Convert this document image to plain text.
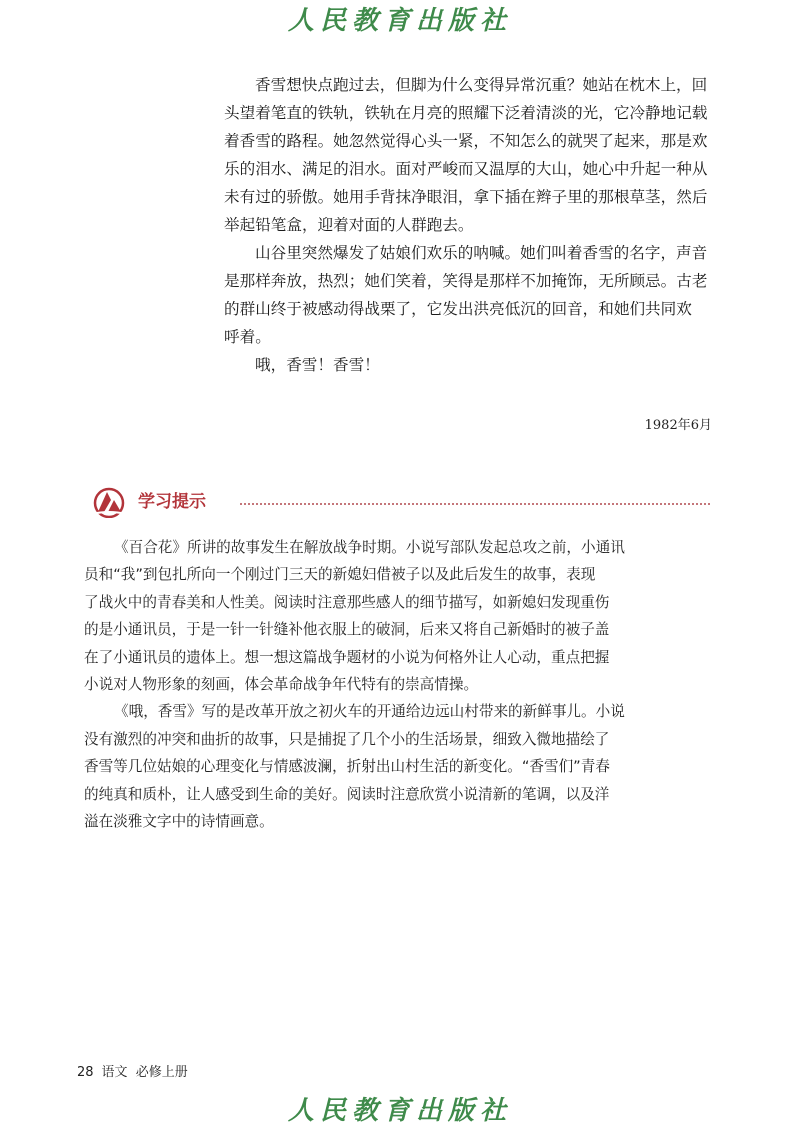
人民教育出版社

香雪想快点跑过去，但脚为什么变得异常沉重？她站在枕木上，回
头望着笔直的铁轨，铁轨在月亮的照耀下泛着清淡的光，它冷静地记载
着香雪的路程。她忽然觉得心头一紧，不知怎么的就哭了起来，那是欢
乐的泪水、满足的泪水。面对严峻而又温厚的大山，她心中升起一种从
未有过的骄傲。她用手背抹净眼泪，拿下插在辫子里的那根草茎，然后
举起铅笔盒，迎着对面的人群跑去。

山谷里突然爆发了姑娘们欢乐的呐喊。她们叫着香雪的名字，声音
是那样奔放，热烈；她们笑着，笑得是那样不加掩饰，无所顾忌。古老
的群山终于被感动得战栗了，它发出洪亮低沉的回音，和她们共同欢
呼着。

哦，香雪！香雪！

1982年6月
学习提示

《百合花》所讲的故事发生在解放战争时期。小说写部队发起总攻之前，小通讯
员和“我”到包扎所向一个刚过门三天的新媳妇借被子以及此后发生的故事，表现
了战火中的青春美和人性美。阅读时注意那些感人的细节描写，如新媳妇发现重伤
的是小通讯员，于是一针一针缝补他衣服上的破洞，后来又将自己新婚时的被子盖
在了小通讯员的遗体上。想一想这篇战争题材的小说为何格外让人心动，重点把握
小说对人物形象的刻画，体会革命战争年代特有的崇高情操。

《哦，香雪》写的是改革开放之初火车的开通给边远山村带来的新鲜事儿。小说
没有激烈的冲突和曲折的故事，只是捕捉了几个小的生活场景，细致入微地描绘了
香雪等几位姑娘的心理变化与情感波澜，折射出山村生活的新变化。“香雪们”青春
的纯真和质朴，让人感受到生命的美好。阅读时注意欣赏小说清新的笔调，以及洋
溢在淡雅文字中的诗情画意。

28 语文  必修上册
人民教育出版社
